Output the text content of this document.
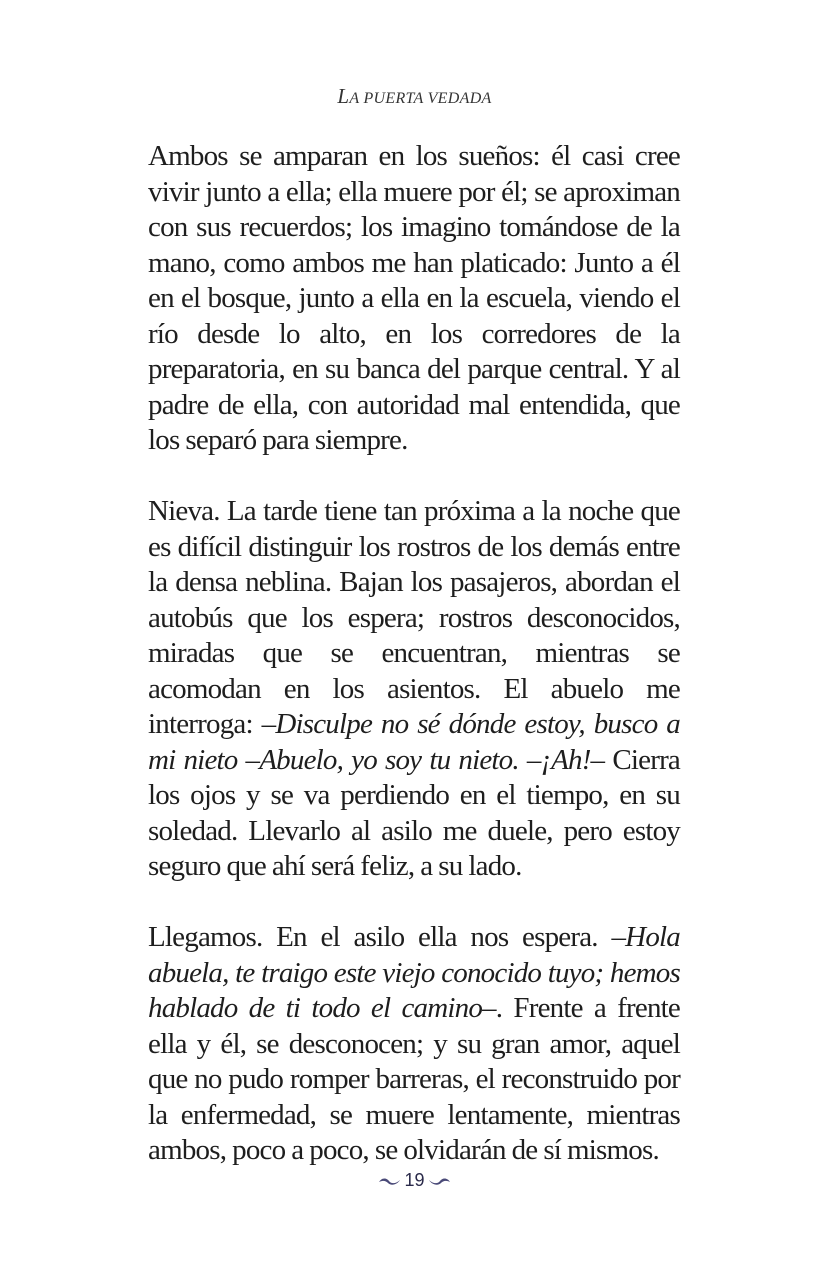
LA PUERTA VEDADA

Ambos se amparan en los sueños: él casi cree vivir junto a ella; ella muere por él; se aproximan con sus recuerdos; los imagino tomándose de la mano, como ambos me han platicado: Junto a él en el bosque, junto a ella en la escuela, viendo el río desde lo alto, en los corredores de la preparatoria, en su banca del parque central. Y al padre de ella, con autoridad mal entendida, que los separó para siempre.

Nieva. La tarde tiene tan próxima a la noche que es difícil distinguir los rostros de los demás entre la densa neblina. Bajan los pasajeros, abordan el autobús que los espera; rostros desconocidos, miradas que se encuentran, mientras se acomodan en los asientos. El abuelo me interroga: –Disculpe no sé dónde estoy, busco a mi nieto –Abuelo, yo soy tu nieto. –¡Ah!– Cierra los ojos y se va perdiendo en el tiempo, en su soledad. Llevarlo al asilo me duele, pero estoy seguro que ahí será feliz, a su lado.

Llegamos. En el asilo ella nos espera. –Hola abuela, te traigo este viejo conocido tuyo; hemos hablado de ti todo el camino–. Frente a frente ella y él, se desconocen; y su gran amor, aquel que no pudo romper barreras, el reconstruido por la enfermedad, se muere lentamente, mientras ambos, poco a poco, se olvidarán de sí mismos.

19
